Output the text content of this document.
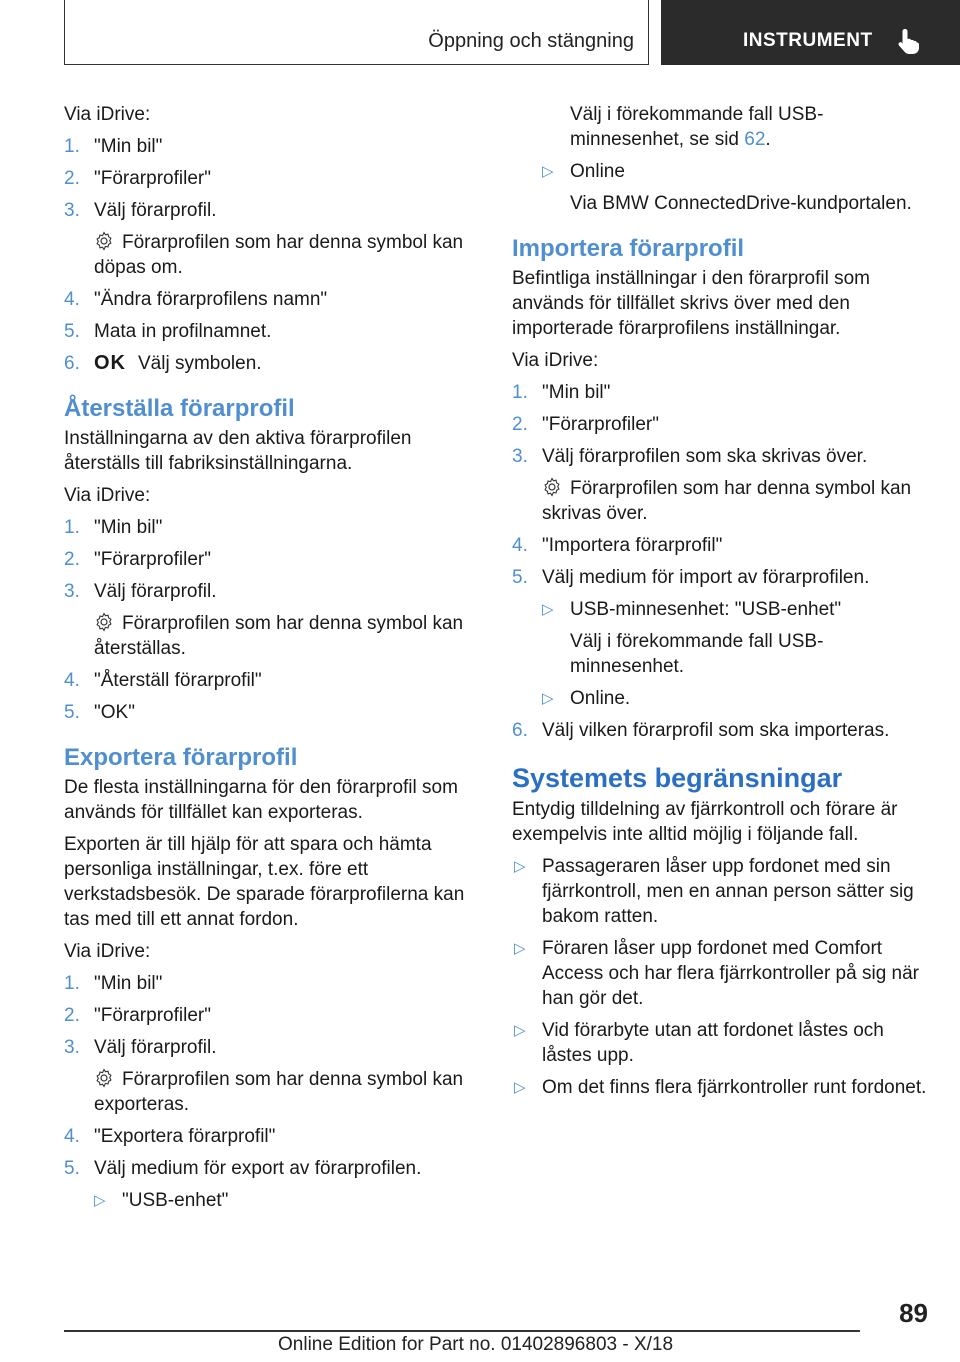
Öppning och stängning	INSTRUMENT
Via iDrive:
1. "Min bil"
2. "Förarprofiler"
3. Välj förarprofil.
Förarprofilen som har denna symbol kan döpas om.
4. "Ändra förarprofilens namn"
5. Mata in profilnamnet.
6. OK Välj symbolen.
Återställa förarprofil
Inställningarna av den aktiva förarprofilen återställs till fabriksinställningarna.
Via iDrive:
1. "Min bil"
2. "Förarprofiler"
3. Välj förarprofil.
Förarprofilen som har denna symbol kan återställas.
4. "Återställ förarprofil"
5. "OK"
Exportera förarprofil
De flesta inställningarna för den förarprofil som används för tillfället kan exporteras.
Exporten är till hjälp för att spara och hämta personliga inställningar, t.ex. före ett verkstadsbesök. De sparade förarprofilerna kan tas med till ett annat fordon.
Via iDrive:
1. "Min bil"
2. "Förarprofiler"
3. Välj förarprofil.
Förarprofilen som har denna symbol kan exporteras.
4. "Exportera förarprofil"
5. Välj medium för export av förarprofilen.
▷ "USB-enhet"
Välj i förekommande fall USB-minnesenhet, se sid 62.
▷ Online
Via BMW ConnectedDrive-kundportalen.
Importera förarprofil
Befintliga inställningar i den förarprofil som används för tillfället skrivs över med den importerade förarprofilens inställningar.
Via iDrive:
1. "Min bil"
2. "Förarprofiler"
3. Välj förarprofilen som ska skrivas över.
Förarprofilen som har denna symbol kan skrivas över.
4. "Importera förarprofil"
5. Välj medium för import av förarprofilen.
▷ USB-minnesenhet: "USB-enhet"
Välj i förekommande fall USB-minnesenhet.
▷ Online.
6. Välj vilken förarprofil som ska importeras.
Systemets begränsningar
Entydig tilldelning av fjärrkontroll och förare är exempelvis inte alltid möjlig i följande fall.
▷ Passageraren låser upp fordonet med sin fjärrkontroll, men en annan person sätter sig bakom ratten.
▷ Föraren låser upp fordonet med Comfort Access och har flera fjärrkontroller på sig när han gör det.
▷ Vid förarbyte utan att fordonet låstes och låstes upp.
▷ Om det finns flera fjärrkontroller runt fordonet.
89
Online Edition for Part no. 01402896803 - X/18
